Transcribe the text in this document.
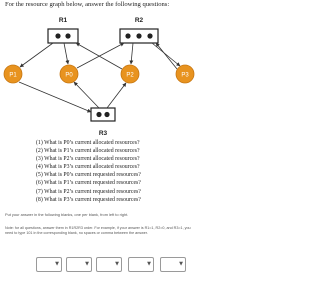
For the resource graph below, answer the following questions:
R1	R2
R3
P1	P0	P2	P3
(1) What is P0’s current allocated resources?
(2) What is P1’s current allocated resources?
(3) What is P2’s current allocated resources?
(4) What is P3’s current allocated resources?
(5) What is P0’s current requested resources?
(6) What is P1’s current requested resources?
(7) What is P2’s current requested resources?
(8) What is P3’s current requested resources?
Put your answer in the following blanks, one per blank, from left to right.
Note: for all questions, answer them in R1R2R3 order. For example, if your answer is R1=1, R2=0, and R3=1, you need to type 101 in the corresponding blank, no spaces or comma between the answer.
▼	▼	▼	▼	▼
